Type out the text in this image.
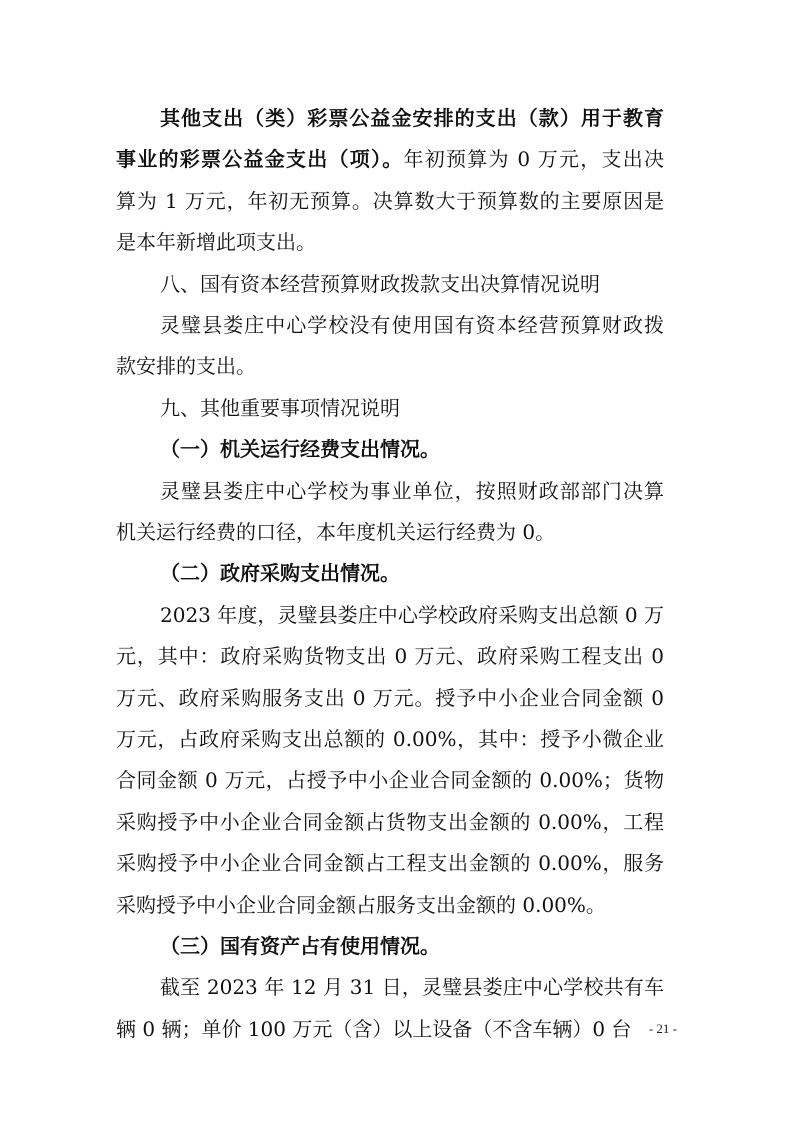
其他支出（类）彩票公益金安排的支出（款）用于教育
事业的彩票公益金支出（项）。年初预算为 0 万元，支出决
算为 1 万元，年初无预算。决算数大于预算数的主要原因是
是本年新增此项支出。
八、国有资本经营预算财政拨款支出决算情况说明
灵璧县娄庄中心学校没有使用国有资本经营预算财政拨
款安排的支出。
九、其他重要事项情况说明
（一）机关运行经费支出情况。
灵璧县娄庄中心学校为事业单位，按照财政部部门决算
机关运行经费的口径，本年度机关运行经费为 0。
（二）政府采购支出情况。
2023 年度，灵璧县娄庄中心学校政府采购支出总额 0 万
元，其中：政府采购货物支出 0 万元、政府采购工程支出 0
万元、政府采购服务支出 0 万元。授予中小企业合同金额 0
万元，占政府采购支出总额的 0.00%，其中：授予小微企业
合同金额 0 万元，占授予中小企业合同金额的 0.00%；货物
采购授予中小企业合同金额占货物支出金额的 0.00%，工程
采购授予中小企业合同金额占工程支出金额的 0.00%，服务
采购授予中小企业合同金额占服务支出金额的 0.00%。
（三）国有资产占有使用情况。
截至 2023 年 12 月 31 日，灵璧县娄庄中心学校共有车
辆 0 辆；单价 100 万元（含）以上设备（不含车辆）0 台	- 21 -
